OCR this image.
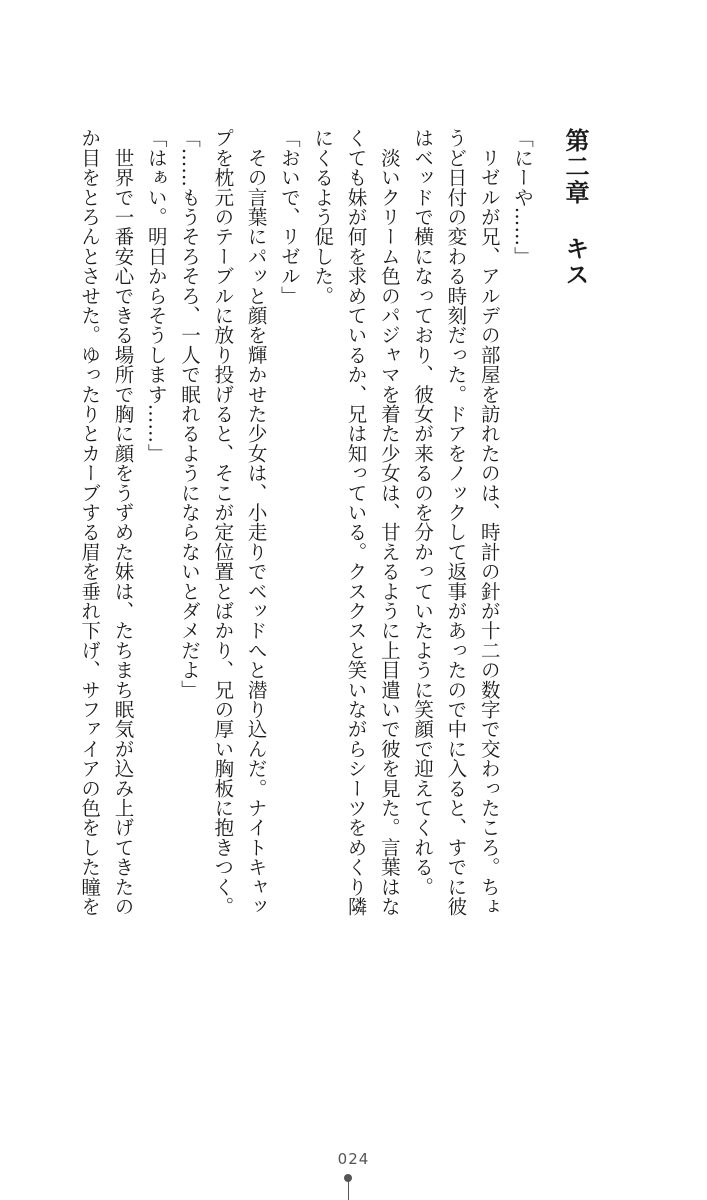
第二章キス
「にーや……」
　リゼルが兄、アルデの部屋を訪れたのは、時計の針が十二の数字で交わったころ。ちょ
うど日付の変わる時刻だった。ドアをノックして返事があったので中に入ると、すでに彼
はベッドで横になっており、彼女が来るのを分かっていたように笑顔で迎えてくれる。
　淡いクリーム色のパジャマを着た少女は、甘えるように上目遣いで彼を見た。言葉はな
くても妹が何を求めているか、兄は知っている。クスクスと笑いながらシーツをめくり隣
にくるよう促した。
「おいで、リゼル」
　その言葉にパッと顔を輝かせた少女は、小走りでベッドへと潜り込んだ。ナイトキャッ
プを枕元のテーブルに放り投げると、そこが定位置とばかり、兄の厚い胸板に抱きつく。
「……もうそろそろ、一人で眠れるようにならないとダメだよ」
「はぁい。明日からそうします……」
　世界で一番安心できる場所で胸に顔をうずめた妹は、たちまち眠気が込み上げてきたの
か目をとろんとさせた。ゆったりとカーブする眉を垂れ下げ、サファイアの色をした瞳を
024
